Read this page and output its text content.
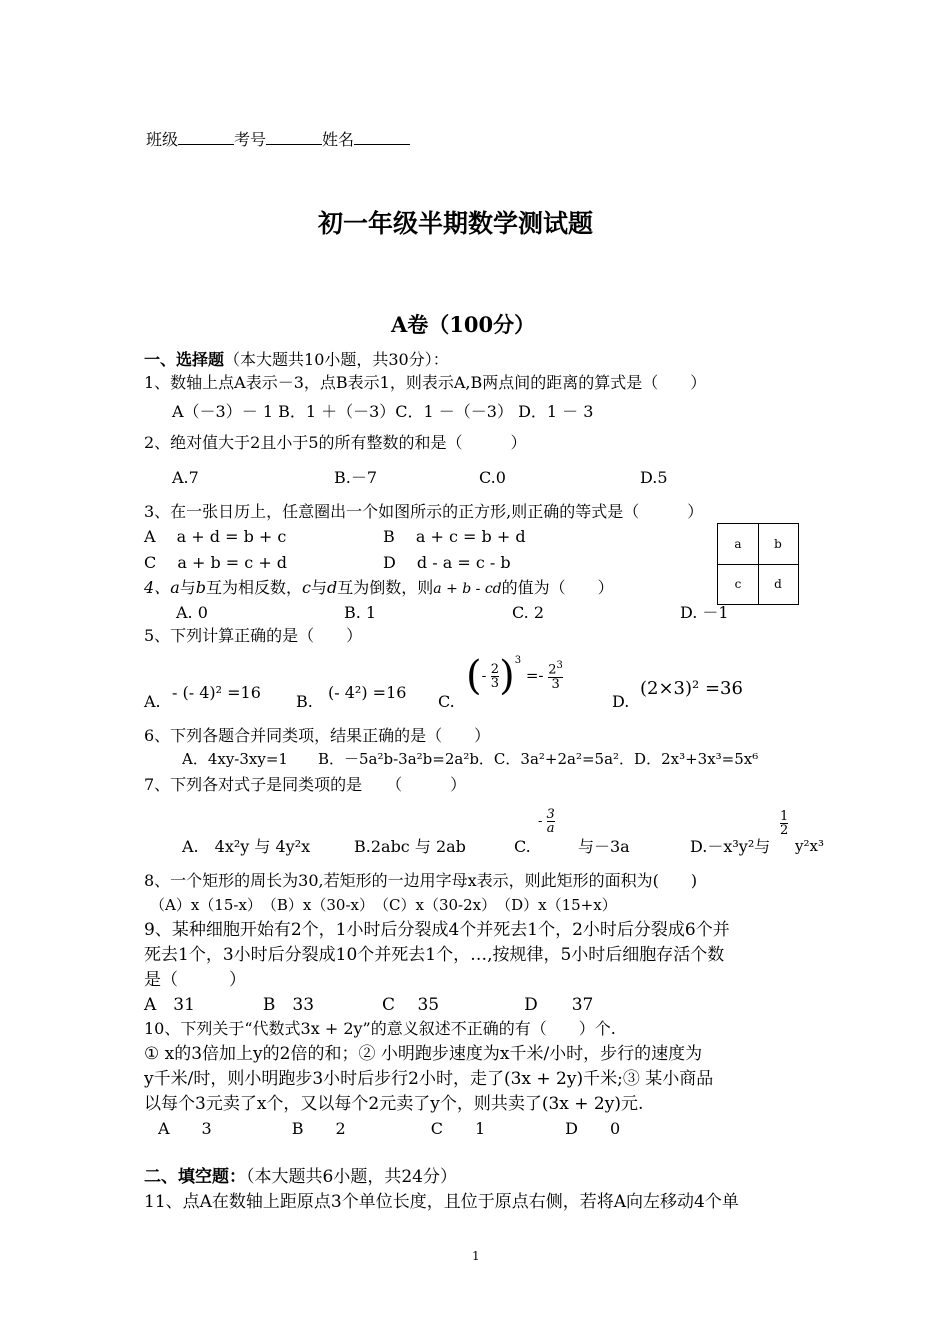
班级	考号	姓名
初一年级半期数学测试题
A卷（100分）
一、选择题（本大题共10小题，共30分）：
1、数轴上点A表示－3，点B表示1，则表示A,B两点间的距离的算式是（　　）
A（－3）－ 1 B．1 ＋（－3）C．1 －（－3） D．1 － 3
2、绝对值大于2且小于5的所有整数的和是（　　　）
A.7	B.－7	C.0	D.5
3、在一张日历上，任意圈出一个如图所示的正方形,则正确的等式是（　　　）
A　 a + d = b + c	B　 a + c = b + d
C　 a + b = c + d	D　 d - a = c - b
a	b
c	d
4、a与b互为相反数，c与d互为倒数，则a + b - cd的值为（　　）
A. 0	B. 1	C. 2	D. －1
5、下列计算正确的是（　　）
A. - (- 4)² =16 B. (- 4²) =16 C.
(- $\frac{2}{3} )^3 =- \frac{2^3}{3}$
D.
(2×3)² =36
6、下列各题合并同类项，结果正确的是（　　）
A．4xy-3xy=1　　B．－5a²b-3a²b=2a²b．C．3a²+2a²=5a²．D．2x³+3x³=5x⁶
7、下列各对式子是同类项的是　　（　　　）
A.　4x²y 与 4y²x	B.2abc 与 2ab	C.
- $\frac{3}{a}$
与－3a	D.－x³y²与
$\frac{1}{2}$
y²x³
8、一个矩形的周长为30,若矩形的一边用字母x表示，则此矩形的面积为(　　)
（A）x（15-x）　（B）x（30-x）　（C）x（30-2x）　（D）x（15+x）
9、某种细胞开始有2个，1小时后分裂成4个并死去1个，2小时后分裂成6个并
死去1个，3小时后分裂成10个并死去1个，…,按规律，5小时后细胞存活个数
是（　　　）
A　31　　　　B　33　　　　C　 35　　　　　D　　37
10、下列关于“代数式3x + 2y”的意义叙述不正确的有（　　）个.
① x的3倍加上y的2倍的和；② 小明跑步速度为x千米/小时，步行的速度为
y千米/时，则小明跑步3小时后步行2小时，走了(3x + 2y)千米;③ 某小商品
以每个3元卖了x个，又以每个2元卖了y个，则共卖了(3x + 2y)元.
A　　3　　　　　B　　2　　　　　 C　　1　　　　　D　　0
二、填空题：（本大题共6小题，共24分）
11、点A在数轴上距原点3个单位长度，且位于原点右侧，若将A向左移动4个单
1
